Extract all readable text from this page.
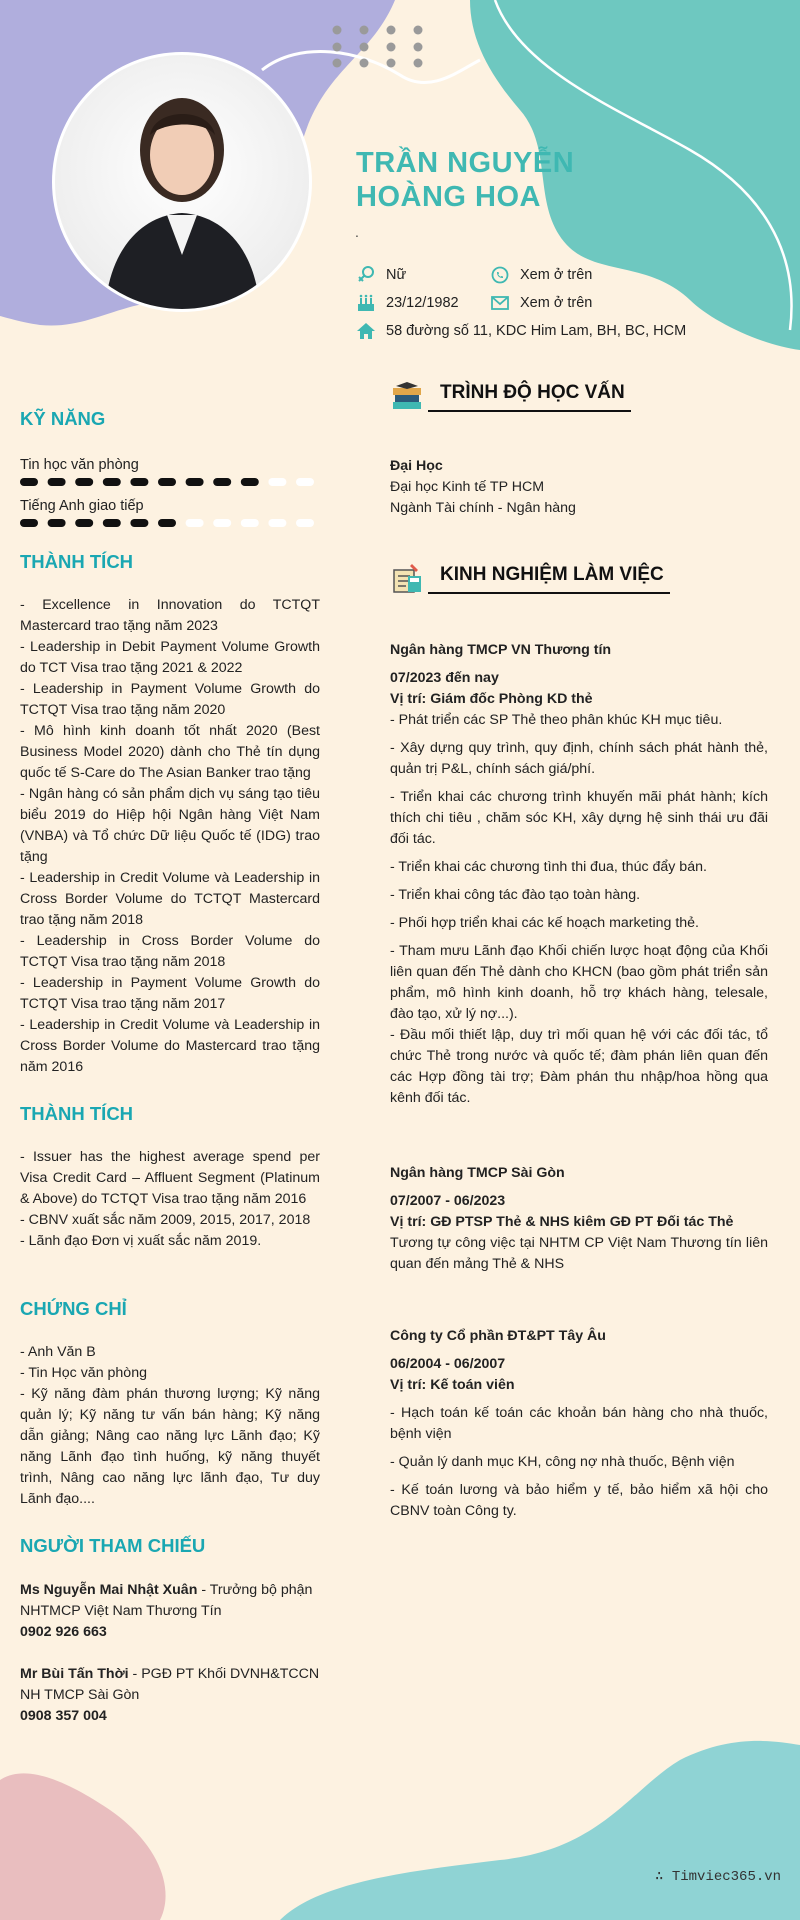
TRẦN NGUYỄN
HOÀNG HOA
.
Nữ	Xem ở trên
23/12/1982	Xem ở trên
58 đường số 11, KDC Him Lam, BH, BC, HCM
KỸ NĂNG
Tin học văn phòng
Tiếng Anh giao tiếp
THÀNH TÍCH

- Excellence in Innovation do TCTQT Mastercard trao tặng năm 2023

- Leadership in Debit Payment Volume Growth do TCT Visa trao tặng 2021 & 2022

- Leadership in Payment Volume Growth do TCTQT Visa trao tặng năm 2020

- Mô hình kinh doanh tốt nhất 2020 (Best Business Model 2020) dành cho Thẻ tín dụng quốc tế S-Care do The Asian Banker trao tặng

- Ngân hàng có sản phẩm dịch vụ sáng tạo tiêu biểu 2019 do Hiệp hội Ngân hàng Việt Nam (VNBA) và Tổ chức Dữ liệu Quốc tế (IDG) trao tặng

- Leadership in Credit Volume và Leadership in Cross Border Volume do TCTQT Mastercard trao tặng năm 2018

- Leadership in Cross Border Volume do TCTQT Visa trao tặng năm 2018

- Leadership in Payment Volume Growth do TCTQT Visa trao tặng năm 2017

- Leadership in Credit Volume và Leadership in Cross Border Volume do Mastercard trao tặng năm 2016

THÀNH TÍCH

- Issuer has the highest average spend per Visa Credit Card – Affluent Segment (Platinum & Above) do TCTQT Visa trao tặng năm 2016

- CBNV xuất sắc năm 2009, 2015, 2017, 2018

- Lãnh đạo Đơn vị xuất sắc năm 2019.

CHỨNG CHỈ

- Anh Văn B

- Tin Học văn phòng

- Kỹ năng đàm phán thương lượng; Kỹ năng quản lý; Kỹ năng tư vấn bán hàng; Kỹ năng dẫn giảng; Nâng cao năng lực Lãnh đạo; Kỹ năng Lãnh đạo tình huống, kỹ năng thuyết trình, Nâng cao năng lực lãnh đạo, Tư duy Lãnh đạo....

NGƯỜI THAM CHIẾU

Ms Nguyễn Mai Nhật Xuân - Trưởng bộ phận

NHTMCP Việt Nam Thương Tín

0902 926 663

Mr Bùi Tấn Thời - PGĐ PT Khối DVNH&TCCN

NH TMCP Sài Gòn

0908 357 004

TRÌNH ĐỘ HỌC VẤN

Đại Học

Đại học Kinh tế TP HCM

Ngành Tài chính - Ngân hàng

KINH NGHIỆM LÀM VIỆC

Ngân hàng TMCP VN Thương tín

07/2023 đến nay

Vị trí: Giám đốc Phòng KD thẻ

- Phát triển các SP Thẻ theo phân khúc KH mục tiêu.

- Xây dựng quy trình, quy định, chính sách phát hành thẻ, quản trị P&L, chính sách giá/phí.

- Triển khai các chương trình khuyến mãi phát hành; kích thích chi tiêu , chăm sóc KH, xây dựng hệ sinh thái ưu đãi đối tác.

- Triển khai các chương tình thi đua, thúc đẩy bán.

- Triển khai công tác đào tạo toàn hàng.

- Phối hợp triển khai các kế hoạch marketing thẻ.

- Tham mưu Lãnh đạo Khối chiến lược hoạt động của Khối liên quan đến Thẻ dành cho KHCN (bao gồm phát triển sản phẩm, mô hình kinh doanh, hỗ trợ khách hàng, telesale, đào tạo, xử lý nợ...).

- Đầu mối thiết lập, duy trì mối quan hệ với các đối tác, tổ chức Thẻ trong nước và quốc tế; đàm phán liên quan đến các Hợp đồng tài trợ; Đàm phán thu nhập/hoa hồng qua kênh đối tác.

Ngân hàng TMCP Sài Gòn

07/2007 - 06/2023

Vị trí: GĐ PTSP Thẻ & NHS kiêm GĐ PT Đối tác Thẻ

Tương tự công việc tại NHTM CP Việt Nam Thương tín liên quan đến mảng Thẻ & NHS

Công ty Cổ phần ĐT&PT Tây Âu

06/2004 - 06/2007

Vị trí: Kế toán viên

- Hạch toán kế toán các khoản bán hàng cho nhà thuốc, bệnh viện

- Quản lý danh mục KH, công nợ nhà thuốc, Bệnh viện

- Kế toán lương và bảo hiểm y tế, bảo hiểm xã hội cho CBNV toàn Công ty.

∴ Timviec365.vn
